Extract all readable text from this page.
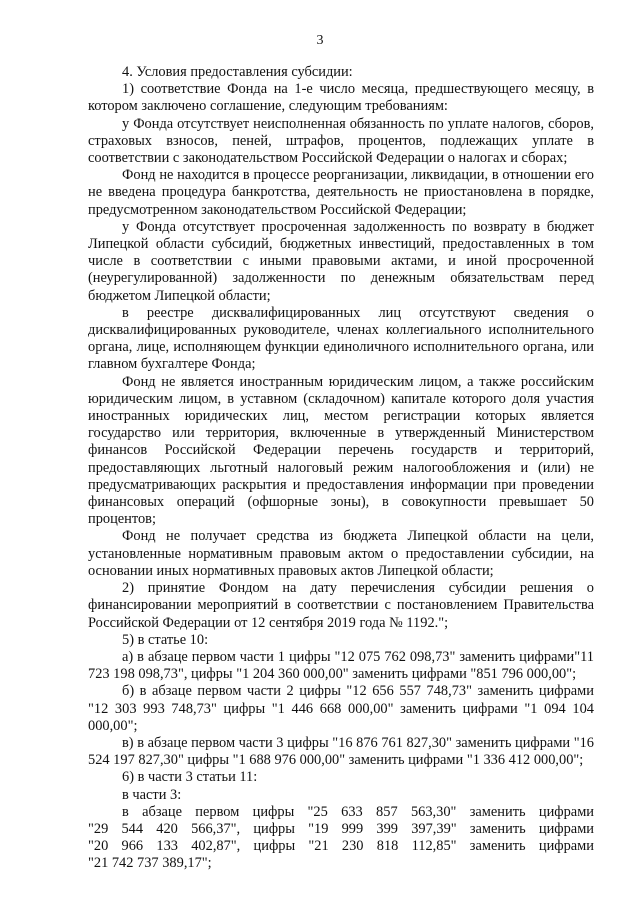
3

4. Условия предоставления субсидии:

1) соответствие Фонда на 1-е число месяца, предшествующего месяцу, в котором заключено соглашение, следующим требованиям:

у Фонда отсутствует неисполненная обязанность по уплате налогов, сборов, страховых взносов, пеней, штрафов, процентов, подлежащих уплате в соответствии с законодательством Российской Федерации о налогах и сборах;

Фонд не находится в процессе реорганизации, ликвидации, в отношении его не введена процедура банкротства, деятельность не приостановлена в порядке, предусмотренном законодательством Российской Федерации;

у Фонда отсутствует просроченная задолженность по возврату в бюджет Липецкой области субсидий, бюджетных инвестиций, предоставленных в том числе в соответствии с иными правовыми актами, и иной просроченной (неурегулированной) задолженности по денежным обязательствам перед бюджетом Липецкой области;

в реестре дисквалифицированных лиц отсутствуют сведения о дисквалифицированных руководителе, членах коллегиального исполнительного органа, лице, исполняющем функции единоличного исполнительного органа, или главном бухгалтере Фонда;

Фонд не является иностранным юридическим лицом, а также российским юридическим лицом, в уставном (складочном) капитале которого доля участия иностранных юридических лиц, местом регистрации которых является государство или территория, включенные в утвержденный Министерством финансов Российской Федерации перечень государств и территорий, предоставляющих льготный налоговый режим налогообложения и (или) не предусматривающих раскрытия и предоставления информации при проведении финансовых операций (офшорные зоны), в совокупности превышает 50 процентов;

Фонд не получает средства из бюджета Липецкой области на цели, установленные нормативным правовым актом о предоставлении субсидии, на основании иных нормативных правовых актов Липецкой области;

2) принятие Фондом на дату перечисления субсидии решения о финансировании мероприятий в соответствии с постановлением Правительства Российской Федерации от 12 сентября 2019 года № 1192.";

5) в статье 10:

а) в абзаце первом части 1 цифры "12 075 762 098,73" заменить цифрами"11 723 198 098,73", цифры "1 204 360 000,00" заменить цифрами "851 796 000,00";

б) в абзаце первом части 2 цифры "12 656 557 748,73" заменить цифрами "12 303 993 748,73" цифры "1 446 668 000,00" заменить цифрами "1 094 104 000,00";

в) в абзаце первом части 3 цифры "16 876 761 827,30" заменить цифрами "16 524 197 827,30" цифры "1 688 976 000,00" заменить цифрами "1 336 412 000,00";

6) в части 3 статьи 11:

в части 3:

в абзаце первом цифры "25 633 857 563,30" заменить цифрами
"29 544 420 566,37", цифры "19 999 399 397,39" заменить цифрами
"20 966 133 402,87", цифры "21 230 818 112,85" заменить цифрами
"21 742 737 389,17";
